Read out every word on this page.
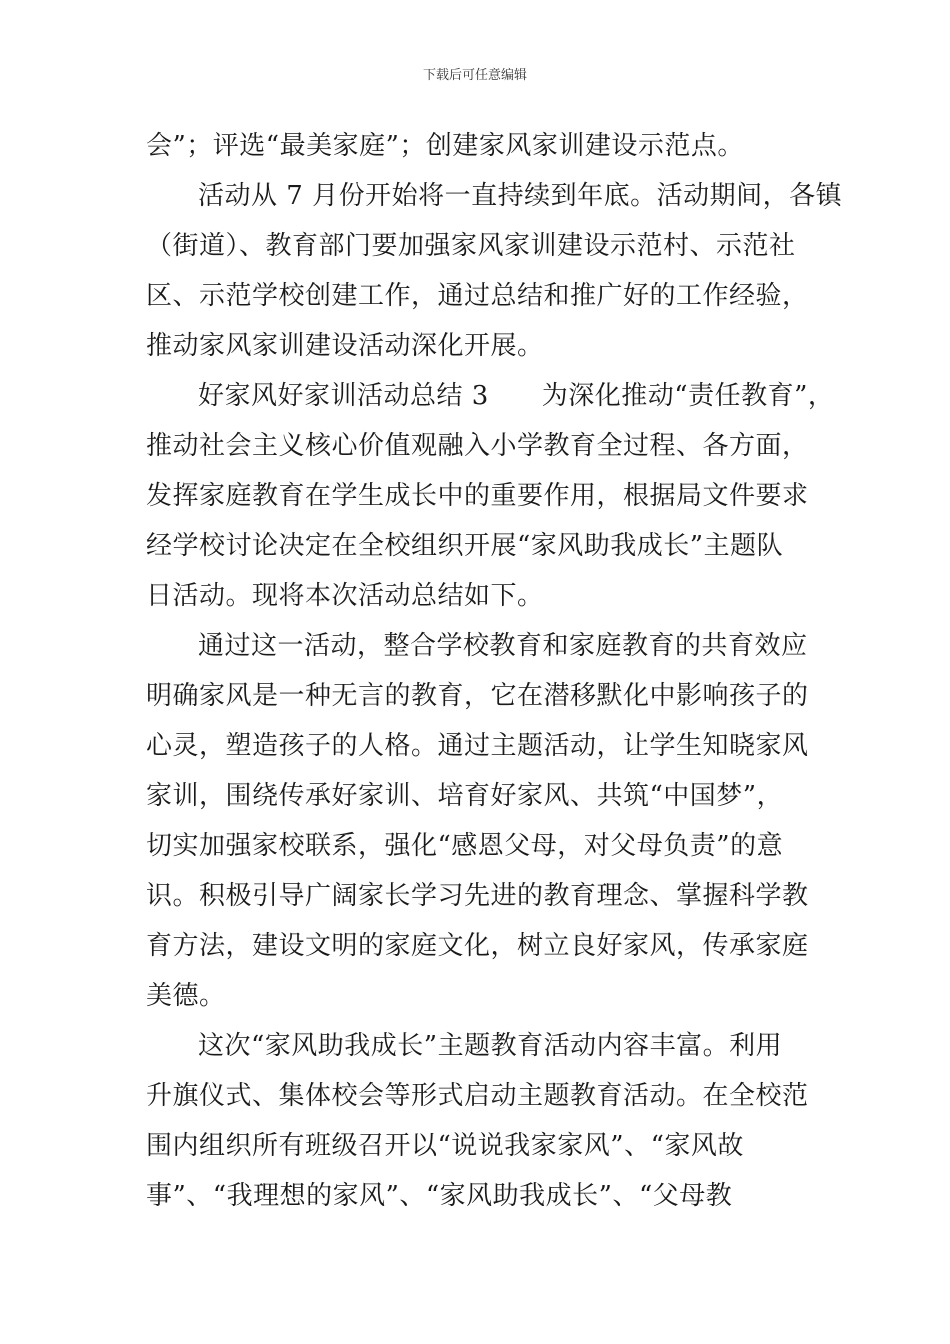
下载后可任意编辑
会”；评选“最美家庭”；创建家风家训建设示范点。
活动从 7 月份开始将一直持续到年底。活动期间，各镇
（街道）、教育部门要加强家风家训建设示范村、示范社
区、示范学校创建工作，通过总结和推广好的工作经验，
推动家风家训建设活动深化开展。
好家风好家训活动总结 3　　为深化推动“责任教育”，
推动社会主义核心价值观融入小学教育全过程、各方面，
发挥家庭教育在学生成长中的重要作用，根据局文件要求
经学校讨论决定在全校组织开展“家风助我成长”主题队
日活动。现将本次活动总结如下。
通过这一活动，整合学校教育和家庭教育的共育效应
明确家风是一种无言的教育，它在潜移默化中影响孩子的
心灵，塑造孩子的人格。通过主题活动，让学生知晓家风
家训，围绕传承好家训、培育好家风、共筑“中国梦”，
切实加强家校联系，强化“感恩父母，对父母负责”的意
识。积极引导广阔家长学习先进的教育理念、掌握科学教
育方法，建设文明的家庭文化，树立良好家风，传承家庭
美德。
这次“家风助我成长”主题教育活动内容丰富。利用
升旗仪式、集体校会等形式启动主题教育活动。在全校范
围内组织所有班级召开以“说说我家家风”、“家风故
事”、“我理想的家风”、“家风助我成长”、“父母教
